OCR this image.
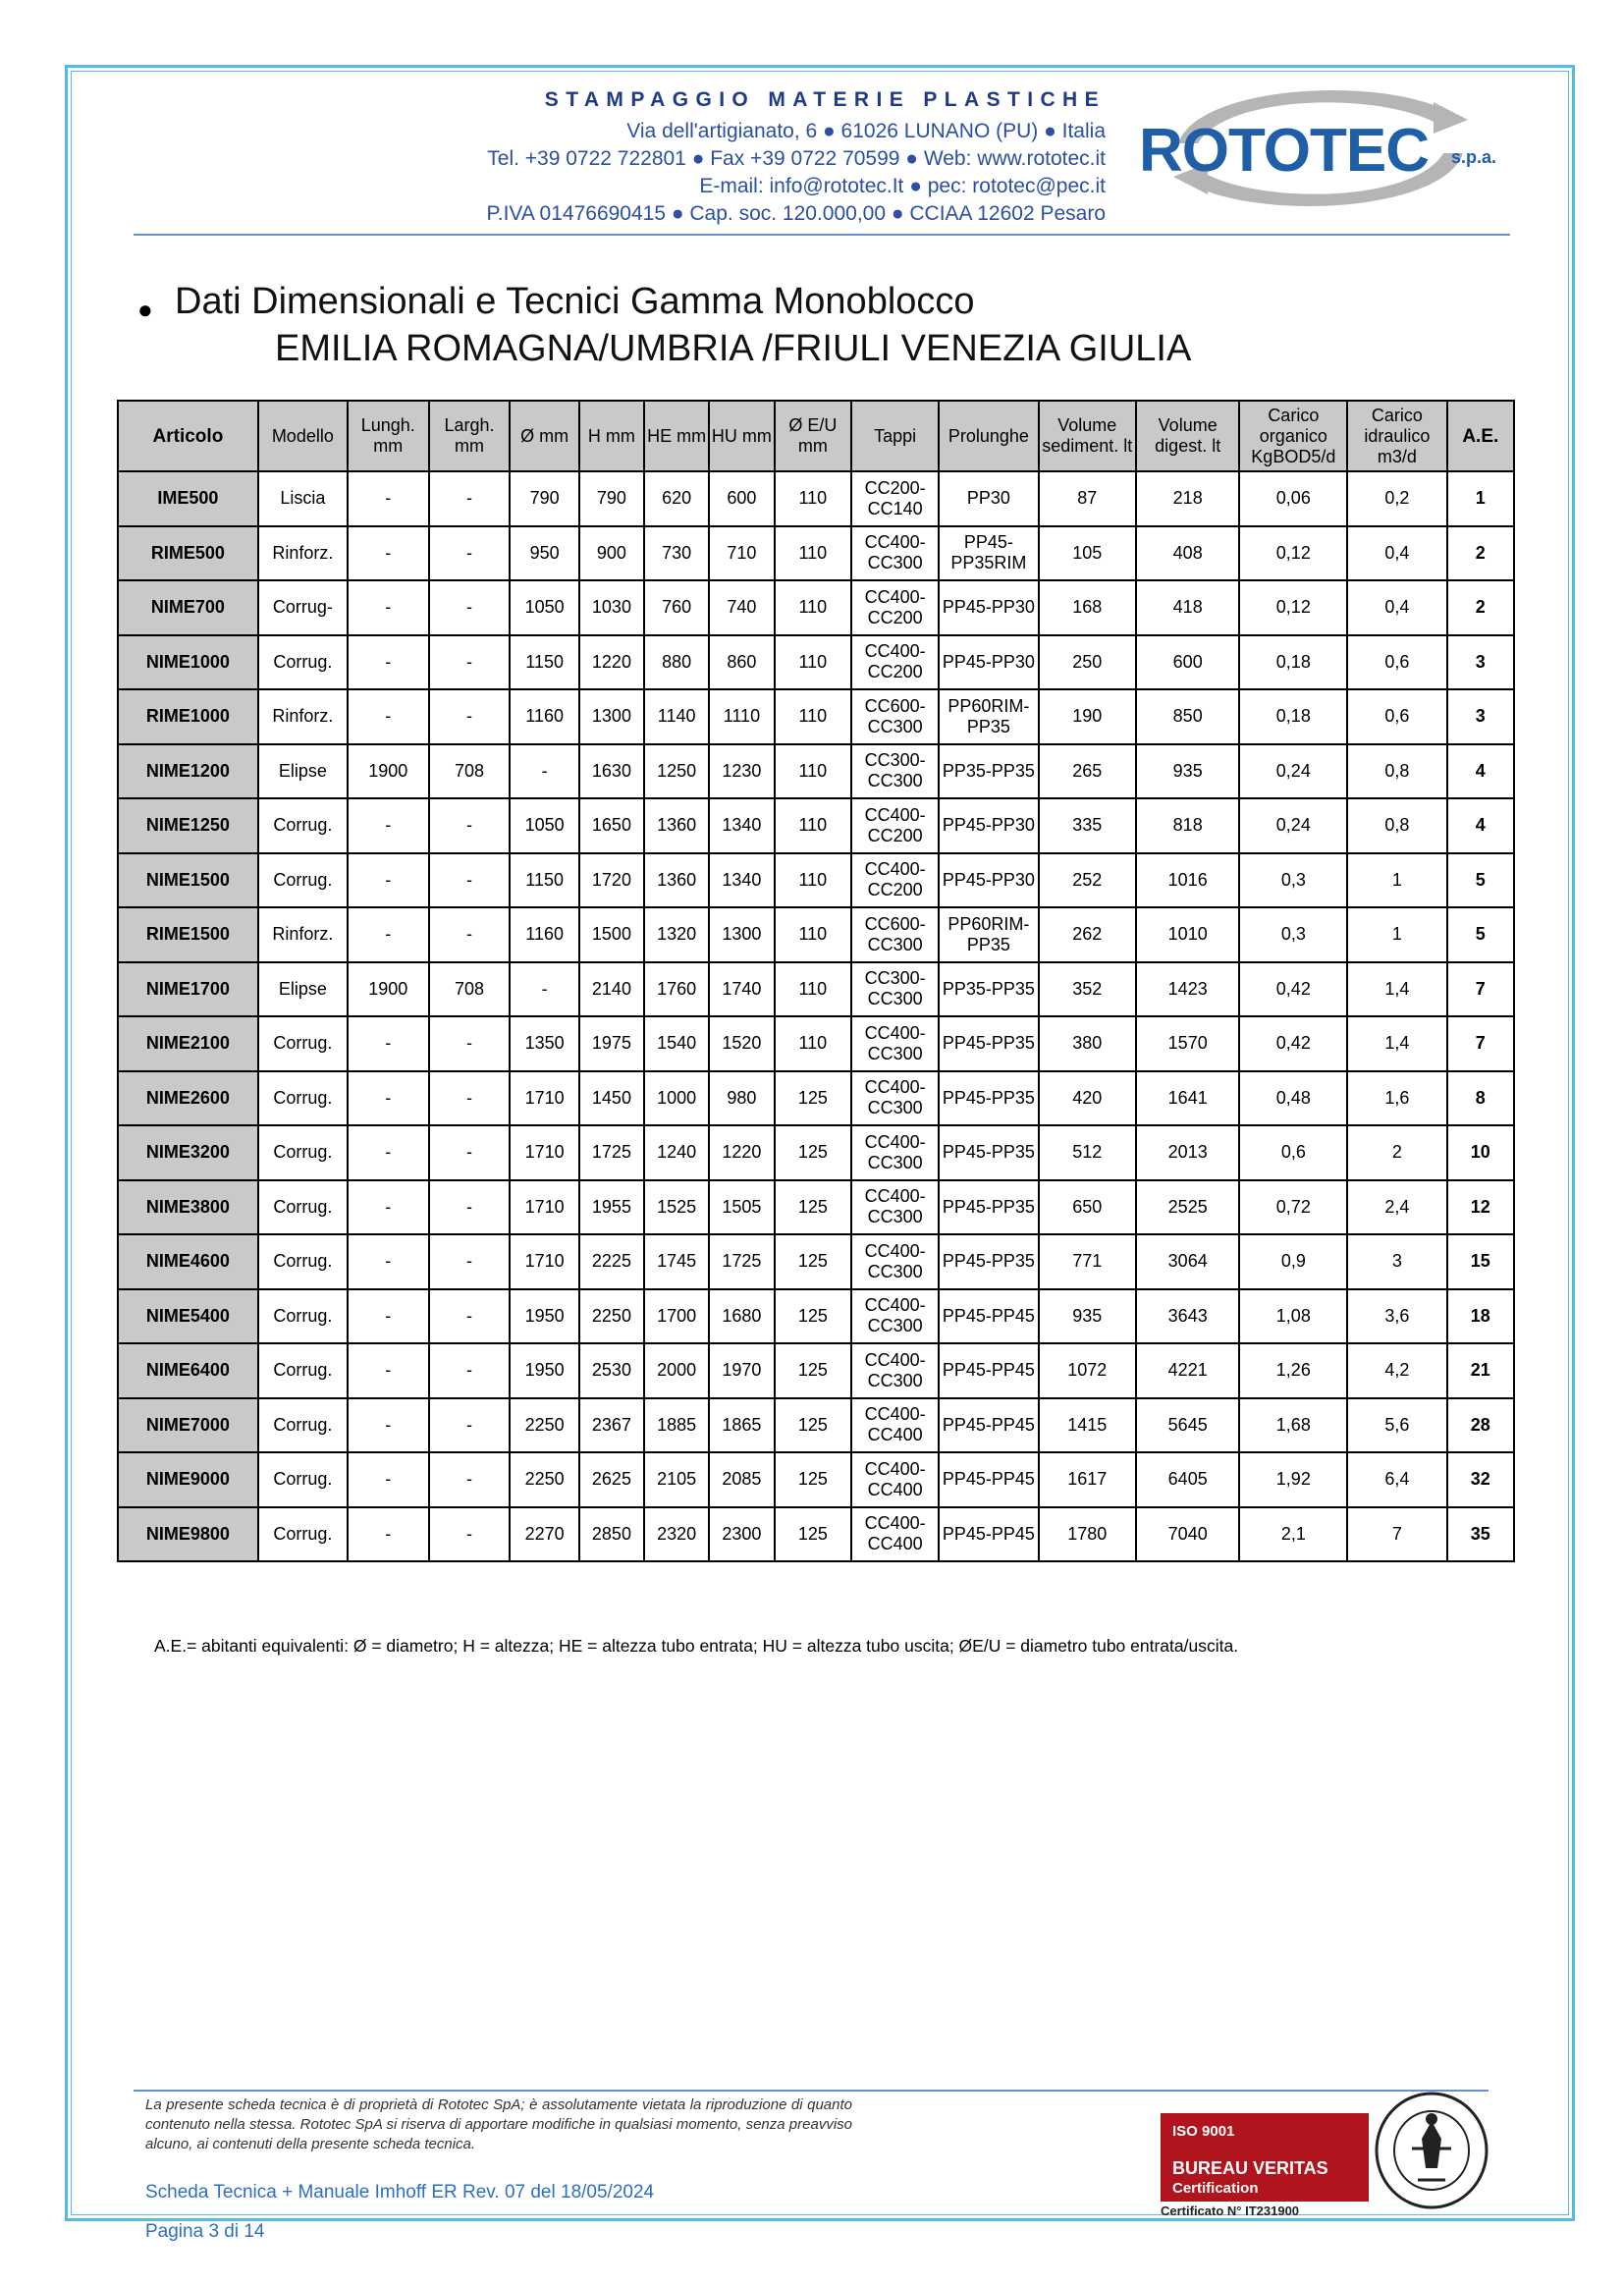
STAMPAGGIO MATERIE PLASTICHE
Via dell'artigianato, 6 ● 61026 LUNANO (PU) ● Italia
Tel. +39 0722 722801 ● Fax +39 0722 70599 ● Web: www.rototec.it
E-mail: info@rototec.It ● pec: rototec@pec.it
P.IVA 01476690415 ● Cap. soc. 120.000,00 ● CCIAA 12602 Pesaro
ROTOTEC s.p.a.
● Dati Dimensionali e Tecnici Gamma Monoblocco
EMILIA ROMAGNA/UMBRIA /FRIULI VENEZIA GIULIA
Articolo	Modello	Lungh. mm	Largh. mm	Ø mm	H mm	HE mm	HU mm	Ø E/U mm	Tappi	Prolunghe	Volume sediment. lt	Volume digest. lt	Carico organico KgBOD5/d	Carico idraulico m3/d	A.E.
IME500	Liscia	-	-	790	790	620	600	110	CC200-CC140	PP30	87	218	0,06	0,2	1
RIME500	Rinforz.	-	-	950	900	730	710	110	CC400-CC300	PP45-PP35RIM	105	408	0,12	0,4	2
NIME700	Corrug-	-	-	1050	1030	760	740	110	CC400-CC200	PP45-PP30	168	418	0,12	0,4	2
NIME1000	Corrug.	-	-	1150	1220	880	860	110	CC400-CC200	PP45-PP30	250	600	0,18	0,6	3
RIME1000	Rinforz.	-	-	1160	1300	1140	1110	110	CC600-CC300	PP60RIM-PP35	190	850	0,18	0,6	3
NIME1200	Elipse	1900	708	-	1630	1250	1230	110	CC300-CC300	PP35-PP35	265	935	0,24	0,8	4
NIME1250	Corrug.	-	-	1050	1650	1360	1340	110	CC400-CC200	PP45-PP30	335	818	0,24	0,8	4
NIME1500	Corrug.	-	-	1150	1720	1360	1340	110	CC400-CC200	PP45-PP30	252	1016	0,3	1	5
RIME1500	Rinforz.	-	-	1160	1500	1320	1300	110	CC600-CC300	PP60RIM-PP35	262	1010	0,3	1	5
NIME1700	Elipse	1900	708	-	2140	1760	1740	110	CC300-CC300	PP35-PP35	352	1423	0,42	1,4	7
NIME2100	Corrug.	-	-	1350	1975	1540	1520	110	CC400-CC300	PP45-PP35	380	1570	0,42	1,4	7
NIME2600	Corrug.	-	-	1710	1450	1000	980	125	CC400-CC300	PP45-PP35	420	1641	0,48	1,6	8
NIME3200	Corrug.	-	-	1710	1725	1240	1220	125	CC400-CC300	PP45-PP35	512	2013	0,6	2	10
NIME3800	Corrug.	-	-	1710	1955	1525	1505	125	CC400-CC300	PP45-PP35	650	2525	0,72	2,4	12
NIME4600	Corrug.	-	-	1710	2225	1745	1725	125	CC400-CC300	PP45-PP35	771	3064	0,9	3	15
NIME5400	Corrug.	-	-	1950	2250	1700	1680	125	CC400-CC300	PP45-PP45	935	3643	1,08	3,6	18
NIME6400	Corrug.	-	-	1950	2530	2000	1970	125	CC400-CC300	PP45-PP45	1072	4221	1,26	4,2	21
NIME7000	Corrug.	-	-	2250	2367	1885	1865	125	CC400-CC400	PP45-PP45	1415	5645	1,68	5,6	28
NIME9000	Corrug.	-	-	2250	2625	2105	2085	125	CC400-CC400	PP45-PP45	1617	6405	1,92	6,4	32
NIME9800	Corrug.	-	-	2270	2850	2320	2300	125	CC400-CC400	PP45-PP45	1780	7040	2,1	7	35
A.E.= abitanti equivalenti: Ø = diametro; H = altezza; HE = altezza tubo entrata; HU = altezza tubo uscita; ØE/U = diametro tubo entrata/uscita.
La presente scheda tecnica è di proprietà di Rototec SpA; è assolutamente vietata la riproduzione di quanto contenuto nella stessa. Rototec SpA si riserva di apportare modifiche in qualsiasi momento, senza preavviso alcuno, ai contenuti della presente scheda tecnica.
Scheda Tecnica + Manuale Imhoff ER Rev. 07 del 18/05/2024
Pagina 3 di 14
ISO 9001
BUREAU VERITAS
Certification
Certificato N° IT231900
